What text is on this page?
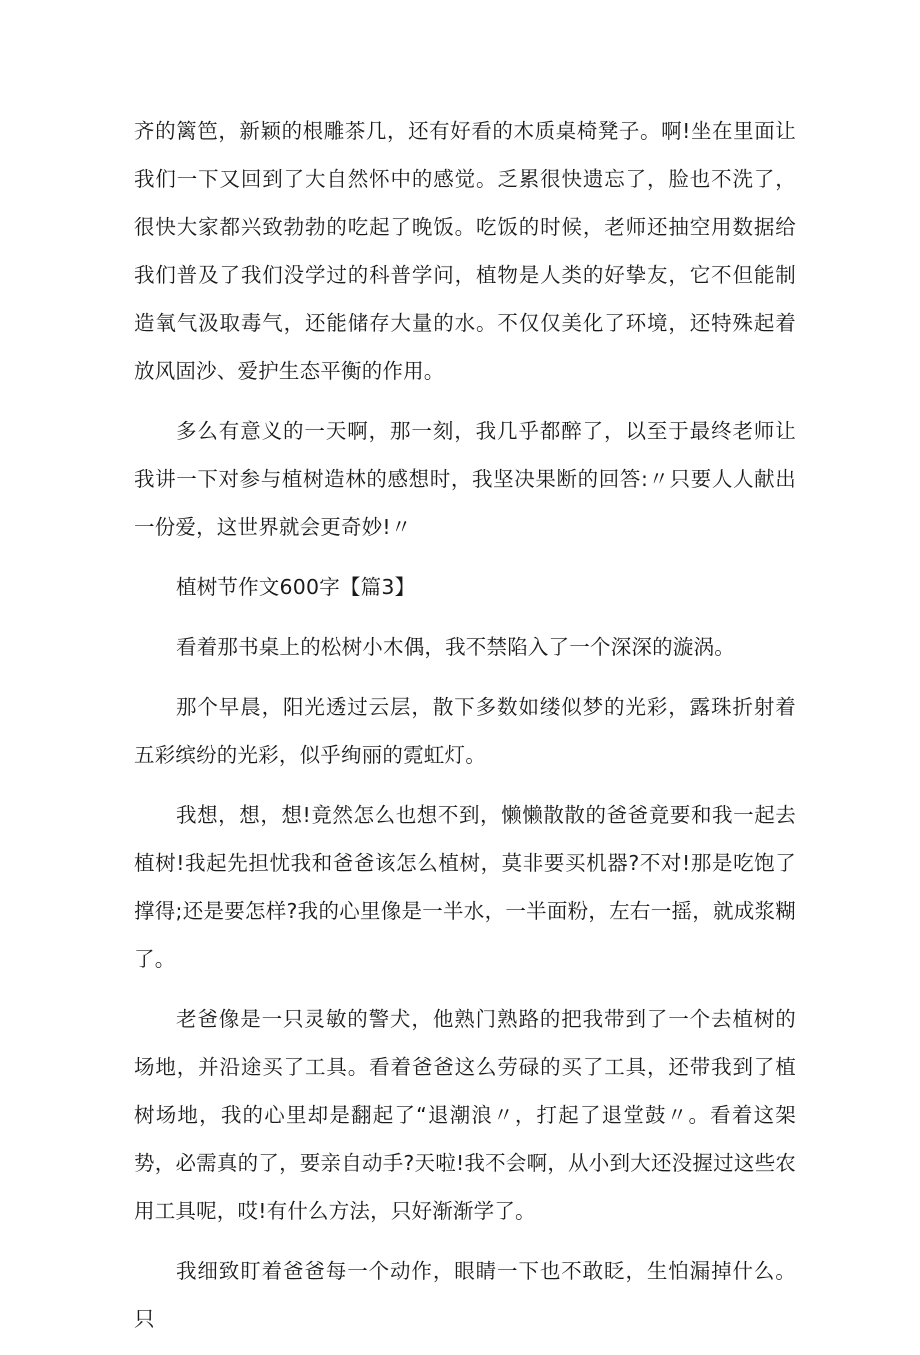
齐的篱笆，新颖的根雕茶几，还有好看的木质桌椅凳子。啊!坐在里面让我们一下又回到了大自然怀中的感觉。乏累很快遗忘了，脸也不洗了，很快大家都兴致勃勃的吃起了晚饭。吃饭的时候，老师还抽空用数据给我们普及了我们没学过的科普学问，植物是人类的好挚友，它不但能制造氧气汲取毒气，还能储存大量的水。不仅仅美化了环境，还特殊起着放风固沙、爱护生态平衡的作用。

多么有意义的一天啊，那一刻，我几乎都醉了，以至于最终老师让我讲一下对参与植树造林的感想时，我坚决果断的回答:〃只要人人献出一份爱，这世界就会更奇妙!〃

植树节作文600字【篇3】

看着那书桌上的松树小木偶，我不禁陷入了一个深深的漩涡。

那个早晨，阳光透过云层，散下多数如缕似梦的光彩，露珠折射着五彩缤纷的光彩，似乎绚丽的霓虹灯。

我想，想，想!竟然怎么也想不到，懒懒散散的爸爸竟要和我一起去植树!我起先担忧我和爸爸该怎么植树，莫非要买机器?不对!那是吃饱了撑得;还是要怎样?我的心里像是一半水，一半面粉，左右一摇，就成浆糊了。

老爸像是一只灵敏的警犬，他熟门熟路的把我带到了一个去植树的场地，并沿途买了工具。看着爸爸这么劳碌的买了工具，还带我到了植树场地，我的心里却是翻起了“退潮浪〃，打起了退堂鼓〃。看着这架势，必需真的了，要亲自动手?天啦!我不会啊，从小到大还没握过这些农用工具呢，哎!有什么方法，只好渐渐学了。

我细致盯着爸爸每一个动作，眼睛一下也不敢眨，生怕漏掉什么。只
